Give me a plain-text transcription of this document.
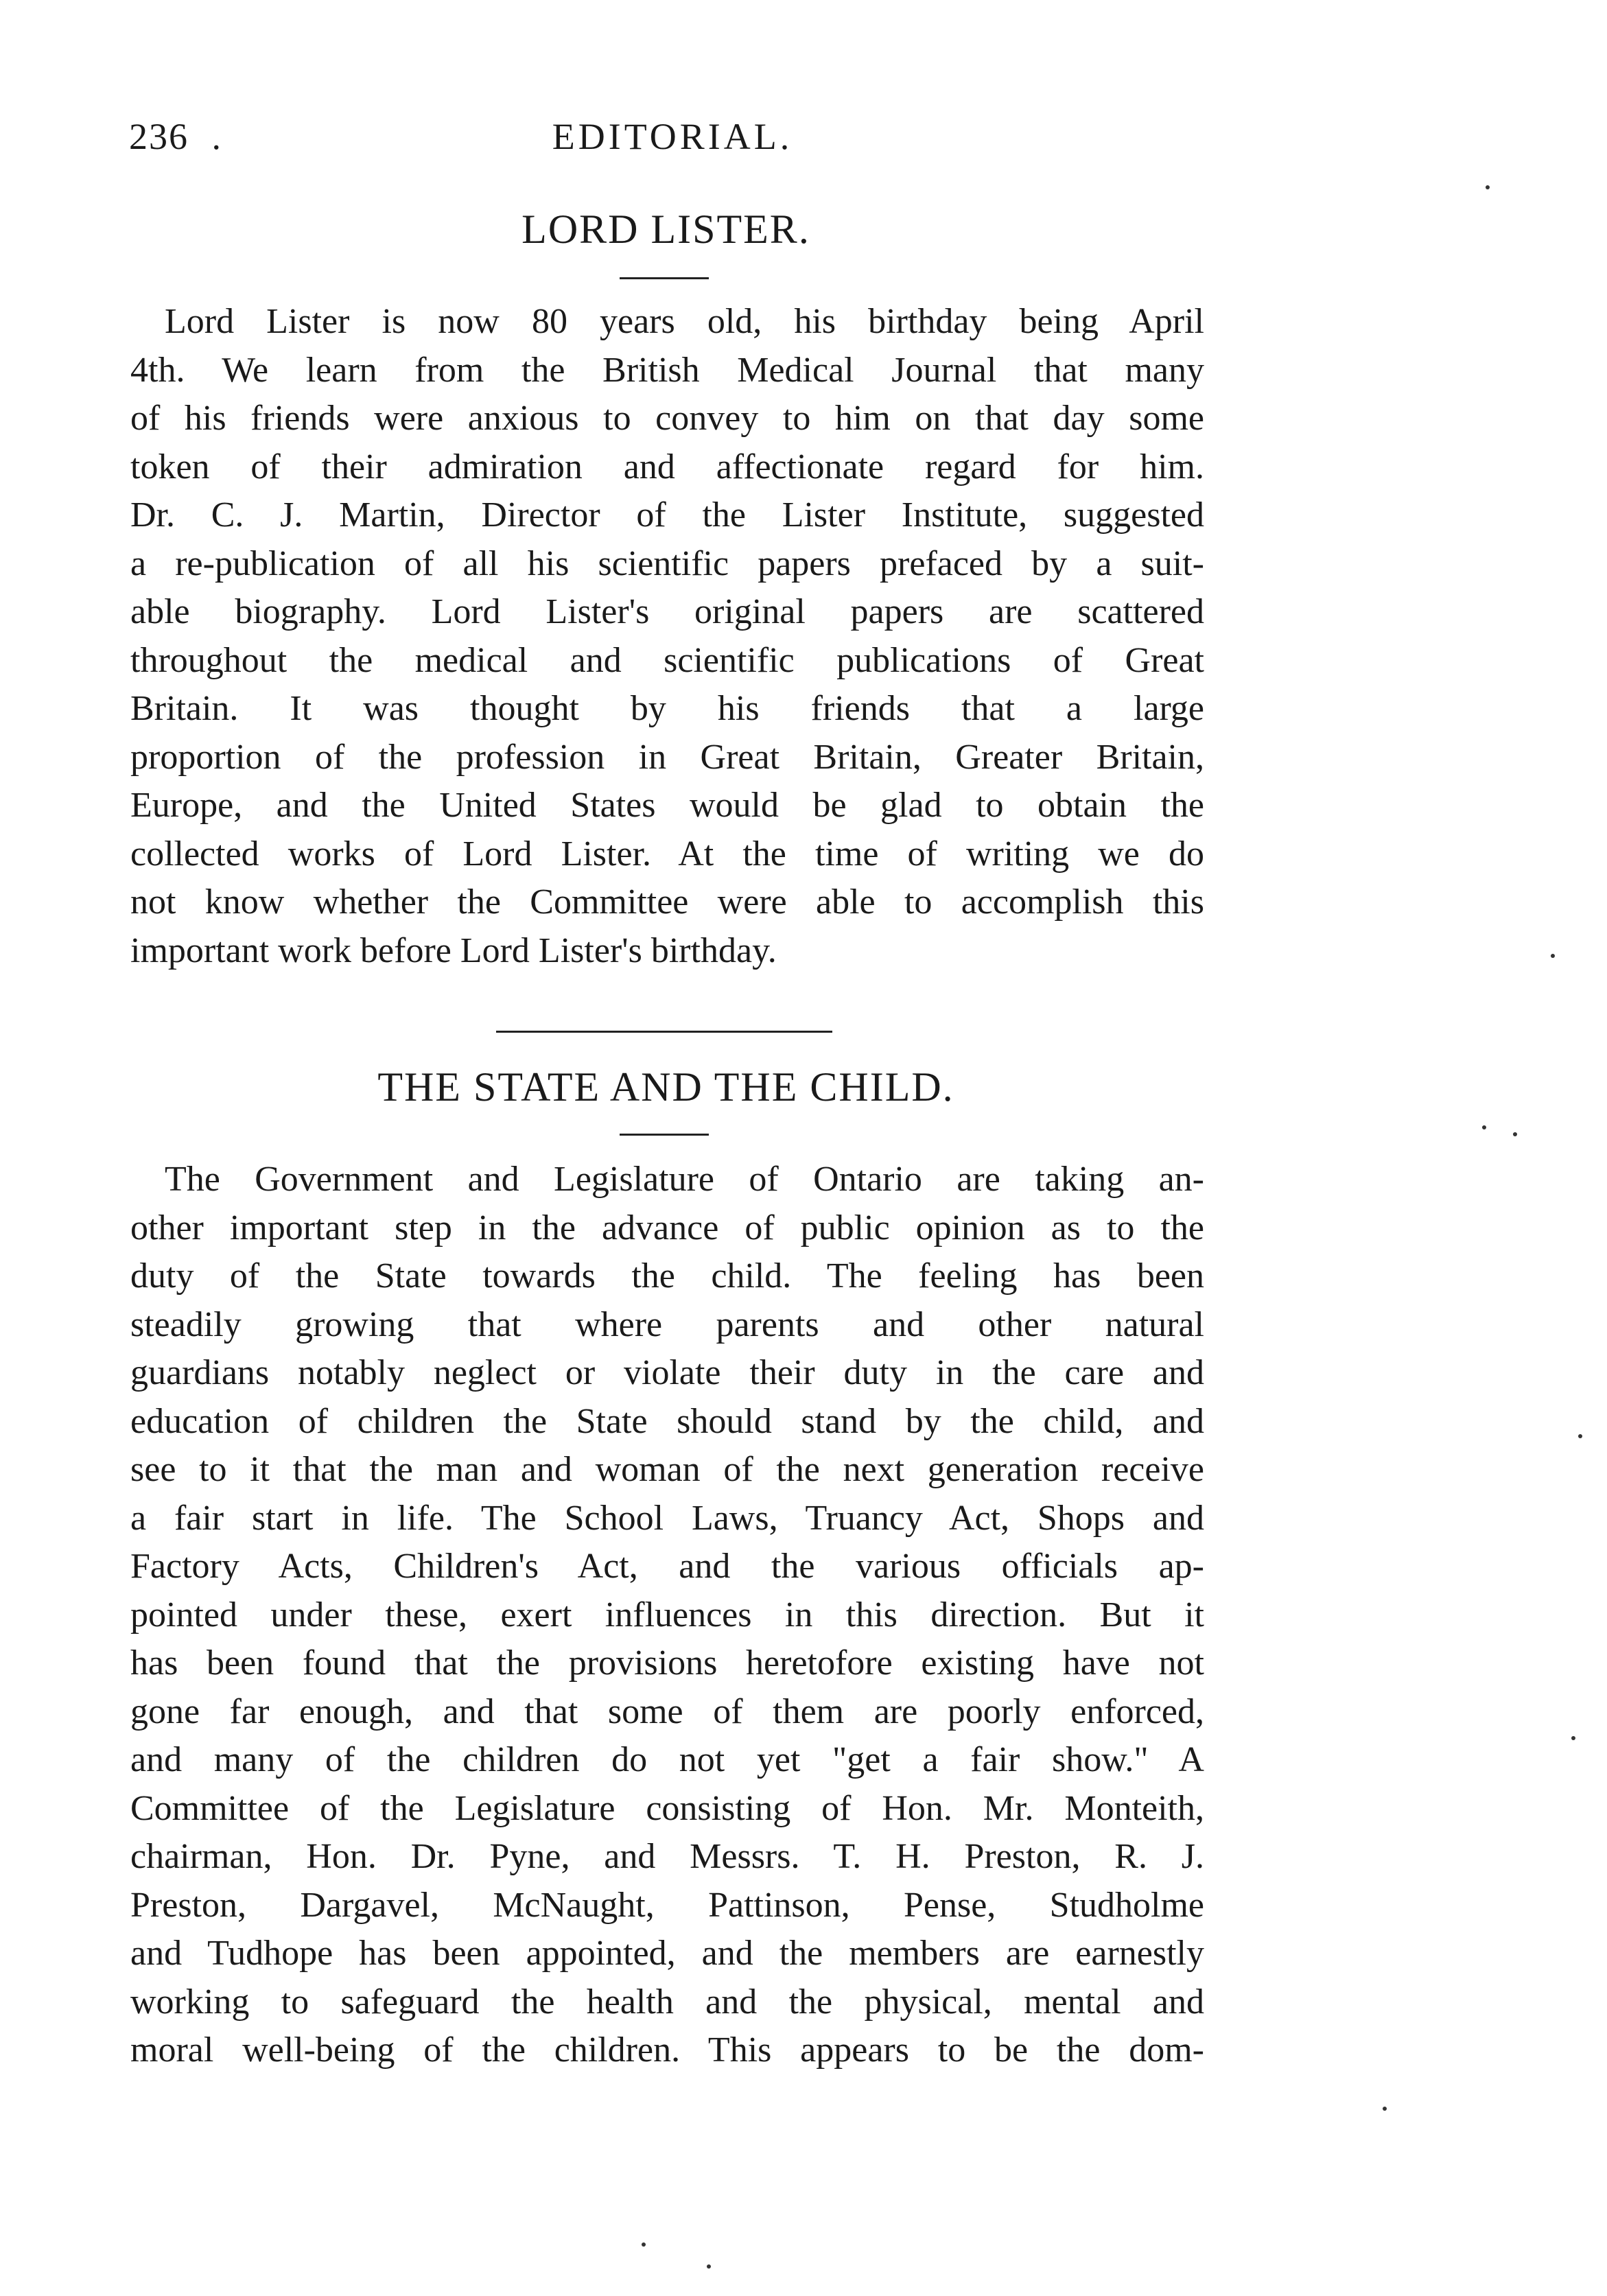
236 .	EDITORIAL.
LORD LISTER.
Lord Lister is now 80 years old, his birthday being April
4th. We learn from the British Medical Journal that many
of his friends were anxious to convey to him on that day some
token of their admiration and affectionate regard for him.
Dr. C. J. Martin, Director of the Lister Institute, suggested
a re-publication of all his scientific papers prefaced by a suit-
able biography. Lord Lister's original papers are scattered
throughout the medical and scientific publications of Great
Britain. It was thought by his friends that a large
proportion of the profession in Great Britain, Greater Britain,
Europe, and the United States would be glad to obtain the
collected works of Lord Lister. At the time of writing we do
not know whether the Committee were able to accomplish this
important work before Lord Lister's birthday.
THE STATE AND THE CHILD.
The Government and Legislature of Ontario are taking an-
other important step in the advance of public opinion as to the
duty of the State towards the child. The feeling has been
steadily growing that where parents and other natural
guardians notably neglect or violate their duty in the care and
education of children the State should stand by the child, and
see to it that the man and woman of the next generation receive
a fair start in life. The School Laws, Truancy Act, Shops and
Factory Acts, Children's Act, and the various officials ap-
pointed under these, exert influences in this direction. But it
has been found that the provisions heretofore existing have not
gone far enough, and that some of them are poorly enforced,
and many of the children do not yet "get a fair show." A
Committee of the Legislature consisting of Hon. Mr. Monteith,
chairman, Hon. Dr. Pyne, and Messrs. T. H. Preston, R. J.
Preston, Dargavel, McNaught, Pattinson, Pense, Studholme
and Tudhope has been appointed, and the members are earnestly
working to safeguard the health and the physical, mental and
moral well-being of the children. This appears to be the dom-
